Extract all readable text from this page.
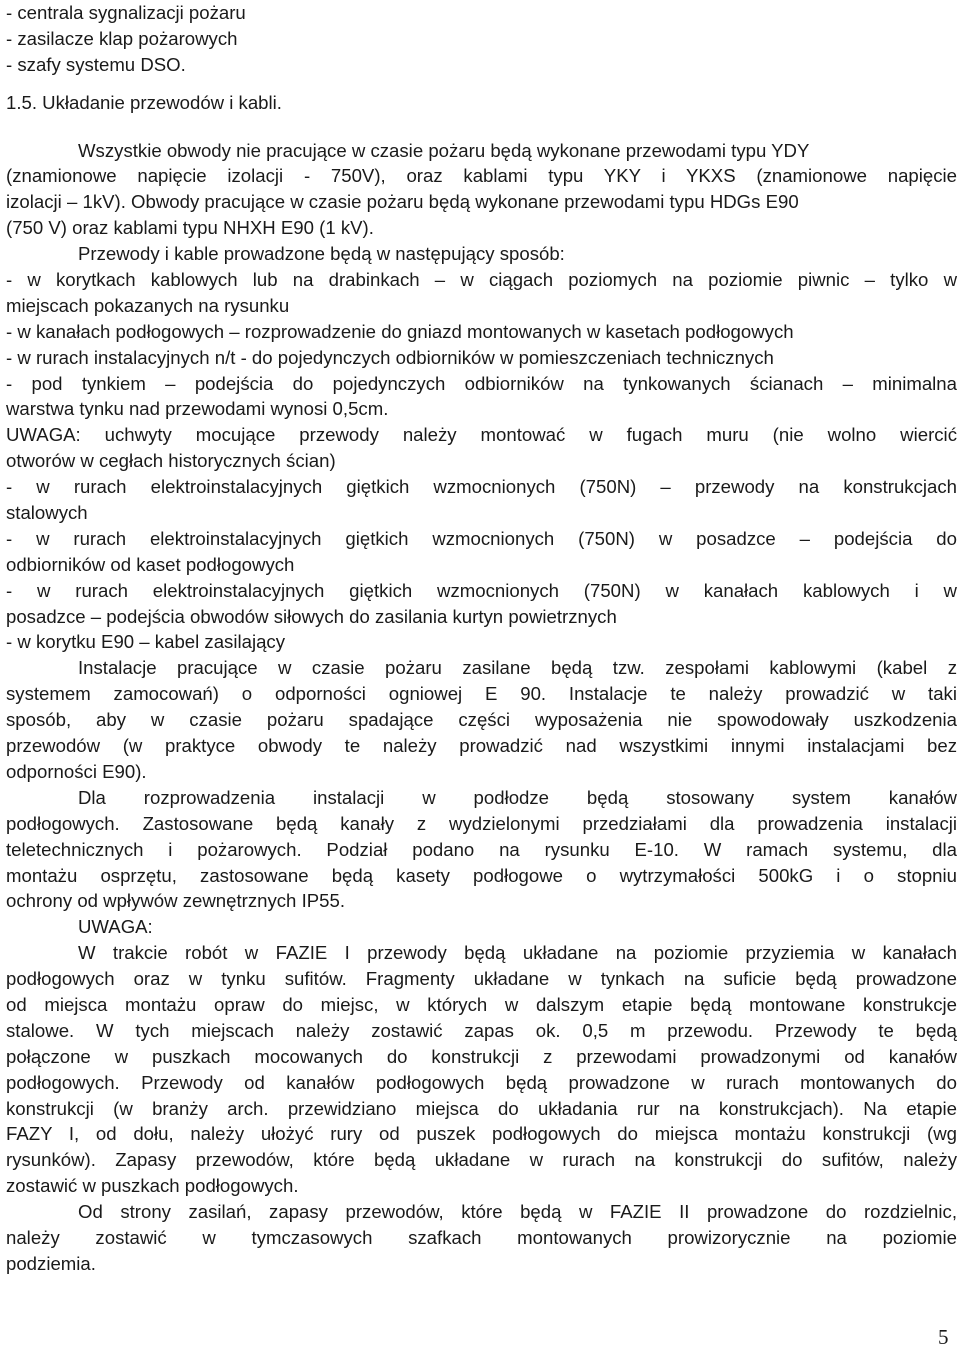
- centrala sygnalizacji pożaru
- zasilacze klap pożarowych
- szafy systemu DSO.
1.5. Układanie przewodów i kabli.
Wszystkie obwody nie pracujące w czasie pożaru będą wykonane przewodami typu YDY
(znamionowe napięcie izolacji - 750V), oraz kablami typu YKY i YKXS (znamionowe napięcie
izolacji – 1kV). Obwody pracujące w czasie pożaru będą wykonane przewodami typu HDGs E90
(750 V) oraz kablami typu NHXH E90 (1 kV).
Przewody i kable prowadzone będą w następujący sposób:
- w korytkach kablowych lub na drabinkach – w ciągach poziomych na poziomie piwnic – tylko w
miejscach pokazanych na rysunku
- w kanałach podłogowych – rozprowadzenie do gniazd montowanych w kasetach podłogowych
- w rurach instalacyjnych n/t - do pojedynczych odbiorników w pomieszczeniach technicznych
- pod tynkiem – podejścia do pojedynczych odbiorników na tynkowanych ścianach – minimalna
warstwa tynku nad przewodami wynosi 0,5cm.
UWAGA: uchwyty mocujące przewody należy montować w fugach muru (nie wolno wiercić
otworów w cegłach historycznych ścian)
- w rurach elektroinstalacyjnych giętkich wzmocnionych (750N) – przewody na konstrukcjach
stalowych
- w rurach elektroinstalacyjnych giętkich wzmocnionych (750N) w posadzce – podejścia do
odbiorników od kaset podłogowych
- w rurach elektroinstalacyjnych giętkich wzmocnionych (750N) w kanałach kablowych i w
posadzce – podejścia obwodów siłowych do zasilania kurtyn powietrznych
- w korytku E90 – kabel zasilający
Instalacje pracujące w czasie pożaru zasilane będą tzw. zespołami kablowymi (kabel z
systemem zamocowań) o odporności ogniowej E 90. Instalacje te należy prowadzić w taki
sposób, aby w czasie pożaru spadające części wyposażenia nie spowodowały uszkodzenia
przewodów (w praktyce obwody te należy prowadzić nad wszystkimi innymi instalacjami bez
odporności E90).
Dla rozprowadzenia instalacji w podłodze będą stosowany system kanałów
podłogowych. Zastosowane będą kanały z wydzielonymi przedziałami dla prowadzenia instalacji
teletechnicznych i pożarowych. Podział podano na rysunku E-10. W ramach systemu, dla
montażu osprzętu, zastosowane będą kasety podłogowe o wytrzymałości 500kG i o stopniu
ochrony od wpływów zewnętrznych IP55.
UWAGA:
W trakcie robót w FAZIE I przewody będą układane na poziomie przyziemia w kanałach
podłogowych oraz w tynku sufitów. Fragmenty układane w tynkach na suficie będą prowadzone
od miejsca montażu opraw do miejsc, w których w dalszym etapie będą montowane konstrukcje
stalowe. W tych miejscach należy zostawić zapas ok. 0,5 m przewodu. Przewody te będą
połączone w puszkach mocowanych do konstrukcji z przewodami prowadzonymi od kanałów
podłogowych. Przewody od kanałów podłogowych będą prowadzone w rurach montowanych do
konstrukcji (w branży arch. przewidziano miejsca do układania rur na konstrukcjach). Na etapie
FAZY I, od dołu, należy ułożyć rury od puszek podłogowych do miejsca montażu konstrukcji (wg
rysunków). Zapasy przewodów, które będą układane w rurach na konstrukcji do sufitów, należy
zostawić w puszkach podłogowych.
Od strony zasilań, zapasy przewodów, które będą w FAZIE II prowadzone do rozdzielnic,
należy zostawić w tymczasowych szafkach montowanych prowizorycznie na poziomie
podziemia.
5
